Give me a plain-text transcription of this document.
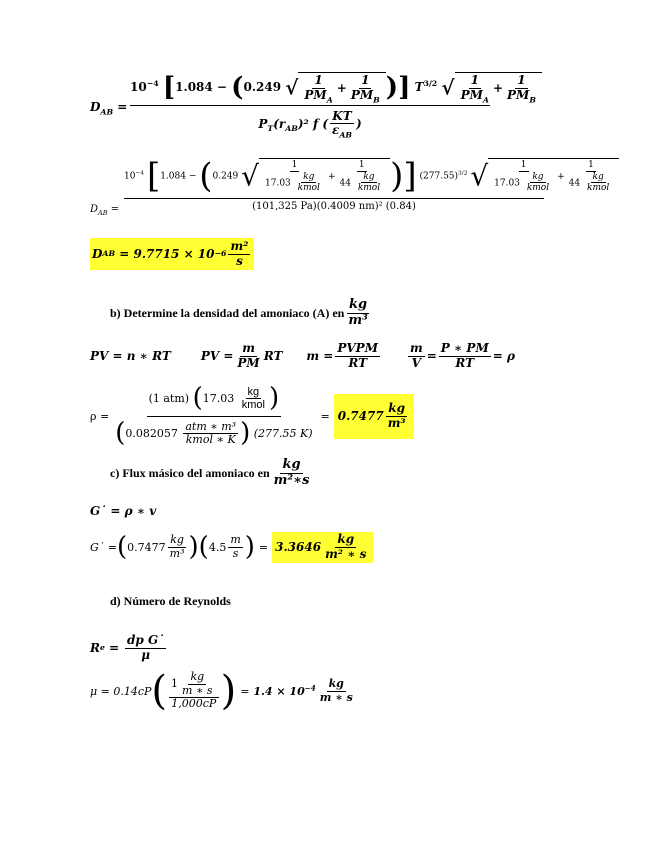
$D_{AB}$ =
$10^{-4}$ [1.084 − (0.249 √ $\frac{1}{PM_A} + \frac{1}{PM_B}$ )] $T^{3/2}$ √ $\frac{1}{PM_A} + \frac{1}{PM_B}$
$P_T(r_{AB})^2$ f ( $\frac{KT}{\varepsilon_{AB}}$ )
$D_{AB}$ =
$10^{-4}$ [1.084 − (0.249 √ $\frac{1}{17.03 \frac{kg}{\text{kmol}}} + \frac{1}{44 \frac{kg}{\text{kmol}}}$ )] $(277.55)^{3/2}$ √ $\frac{1}{17.03 \frac{kg}{\text{kmol}}} + \frac{1}{44 \frac{kg}{\text{kmol}}}$
(101,325 Pa)(0.4009 nm)² (0.84)
D AB
= $9.7715 \times 10 -6 \frac{\text{m²}}{s}$
b) Determine la densidad del amoniaco (A) en $\frac{kg}{\text{m³}}$
PV = n ∗ RT	PV = $\frac{m}{PM}$ RT $m = \frac{\text{PVPM}}{RT} \frac{m}{V} = \frac{P ∗ PM}{RT} = \rho$
$\rho = \frac{(1 atm) (17.03 \frac{kg}{\text{kmol}} )}{(0.082057 \frac{\text{atm ∗ m³}}{\text{kmol ∗ K}} ) (277.55 K)} = 0.7477 \frac{kg}{\text{m³}}$
c) Flux másico del amoniaco en $\frac{kg}{\text{m²∗s}}$
G˙ = ρ ∗ v
G˙ = ( $0.7477 \frac{kg}{\text{m³}}$ ) ( $4.5 \frac{m}{s}$ ) = $3.3646 \frac{kg}{\text{m² ∗ s}}$
d) Número de Reynolds
R $e = \frac{\text{dp G˙}}{\mu}$
μ = 0.14cP ( $\frac{1 \frac{kg}{m ∗ s}}{1,000cP}$ ) = $1.4 \times 10^{-4} \frac{kg}{m ∗ s}$
